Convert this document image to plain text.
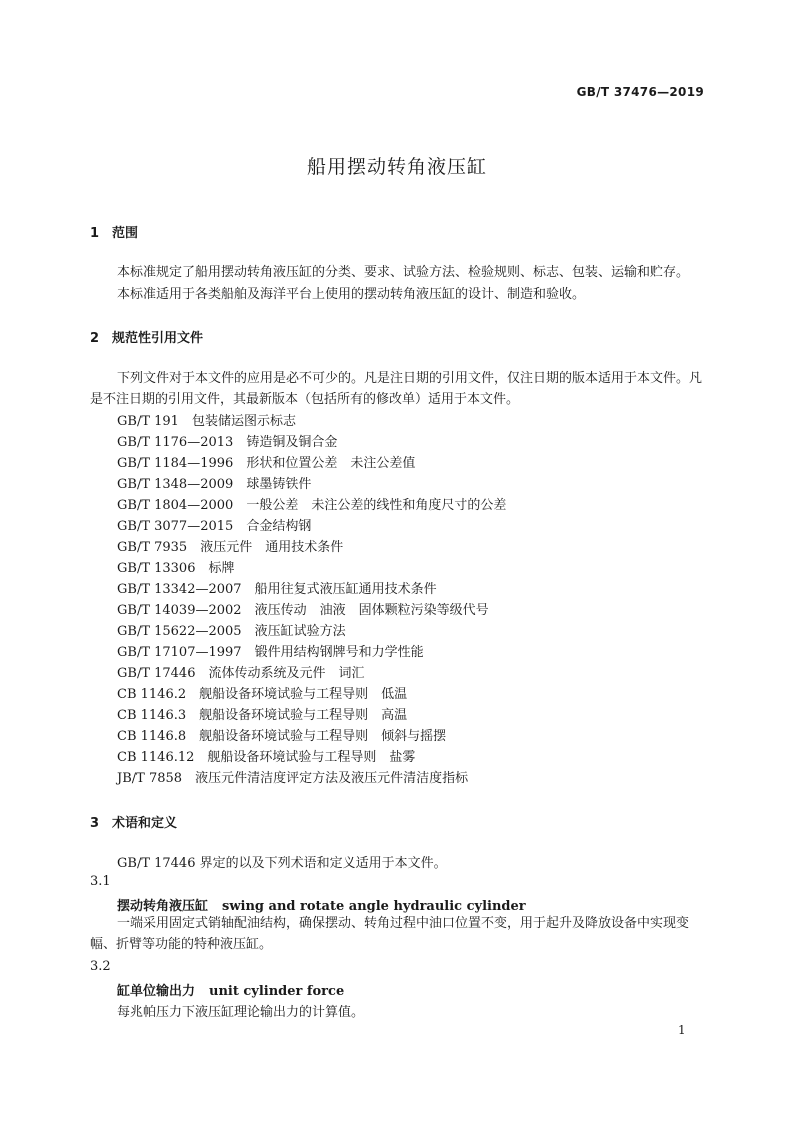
GB/T 37476—2019
船用摆动转角液压缸
1 范围
本标准规定了船用摆动转角液压缸的分类、要求、试验方法、检验规则、标志、包装、运输和贮存。
本标准适用于各类船舶及海洋平台上使用的摆动转角液压缸的设计、制造和验收。
2 规范性引用文件
下列文件对于本文件的应用是必不可少的。凡是注日期的引用文件，仅注日期的版本适用于本文件。凡是不注日期的引用文件，其最新版本（包括所有的修改单）适用于本文件。
GB/T 191　 包装储运图示标志
GB/T 1176—2013　 铸造铜及铜合金
GB/T 1184—1996　 形状和位置公差　未注公差值
GB/T 1348—2009　 球墨铸铁件
GB/T 1804—2000　 一般公差　未注公差的线性和角度尺寸的公差
GB/T 3077—2015　 合金结构钢
GB/T 7935　 液压元件　通用技术条件
GB/T 13306　 标牌
GB/T 13342—2007　 船用往复式液压缸通用技术条件
GB/T 14039—2002　 液压传动　油液　固体颗粒污染等级代号
GB/T 15622—2005　 液压缸试验方法
GB/T 17107—1997　 锻件用结构钢牌号和力学性能
GB/T 17446　 流体传动系统及元件　词汇
CB 1146.2　 舰船设备环境试验与工程导则　低温
CB 1146.3　 舰船设备环境试验与工程导则　高温
CB 1146.8　 舰船设备环境试验与工程导则　倾斜与摇摆
CB 1146.12　 舰船设备环境试验与工程导则　盐雾
JB/T 7858　 液压元件清洁度评定方法及液压元件清洁度指标
3 术语和定义
GB/T 17446 界定的以及下列术语和定义适用于本文件。
3.1
摆动转角液压缸 swing and rotate angle hydraulic cylinder
一端采用固定式销轴配油结构，确保摆动、转角过程中油口位置不变，用于起升及降放设备中实现变幅、折臂等功能的特种液压缸。
3.2
缸单位输出力 unit cylinder force
每兆帕压力下液压缸理论输出力的计算值。
1
